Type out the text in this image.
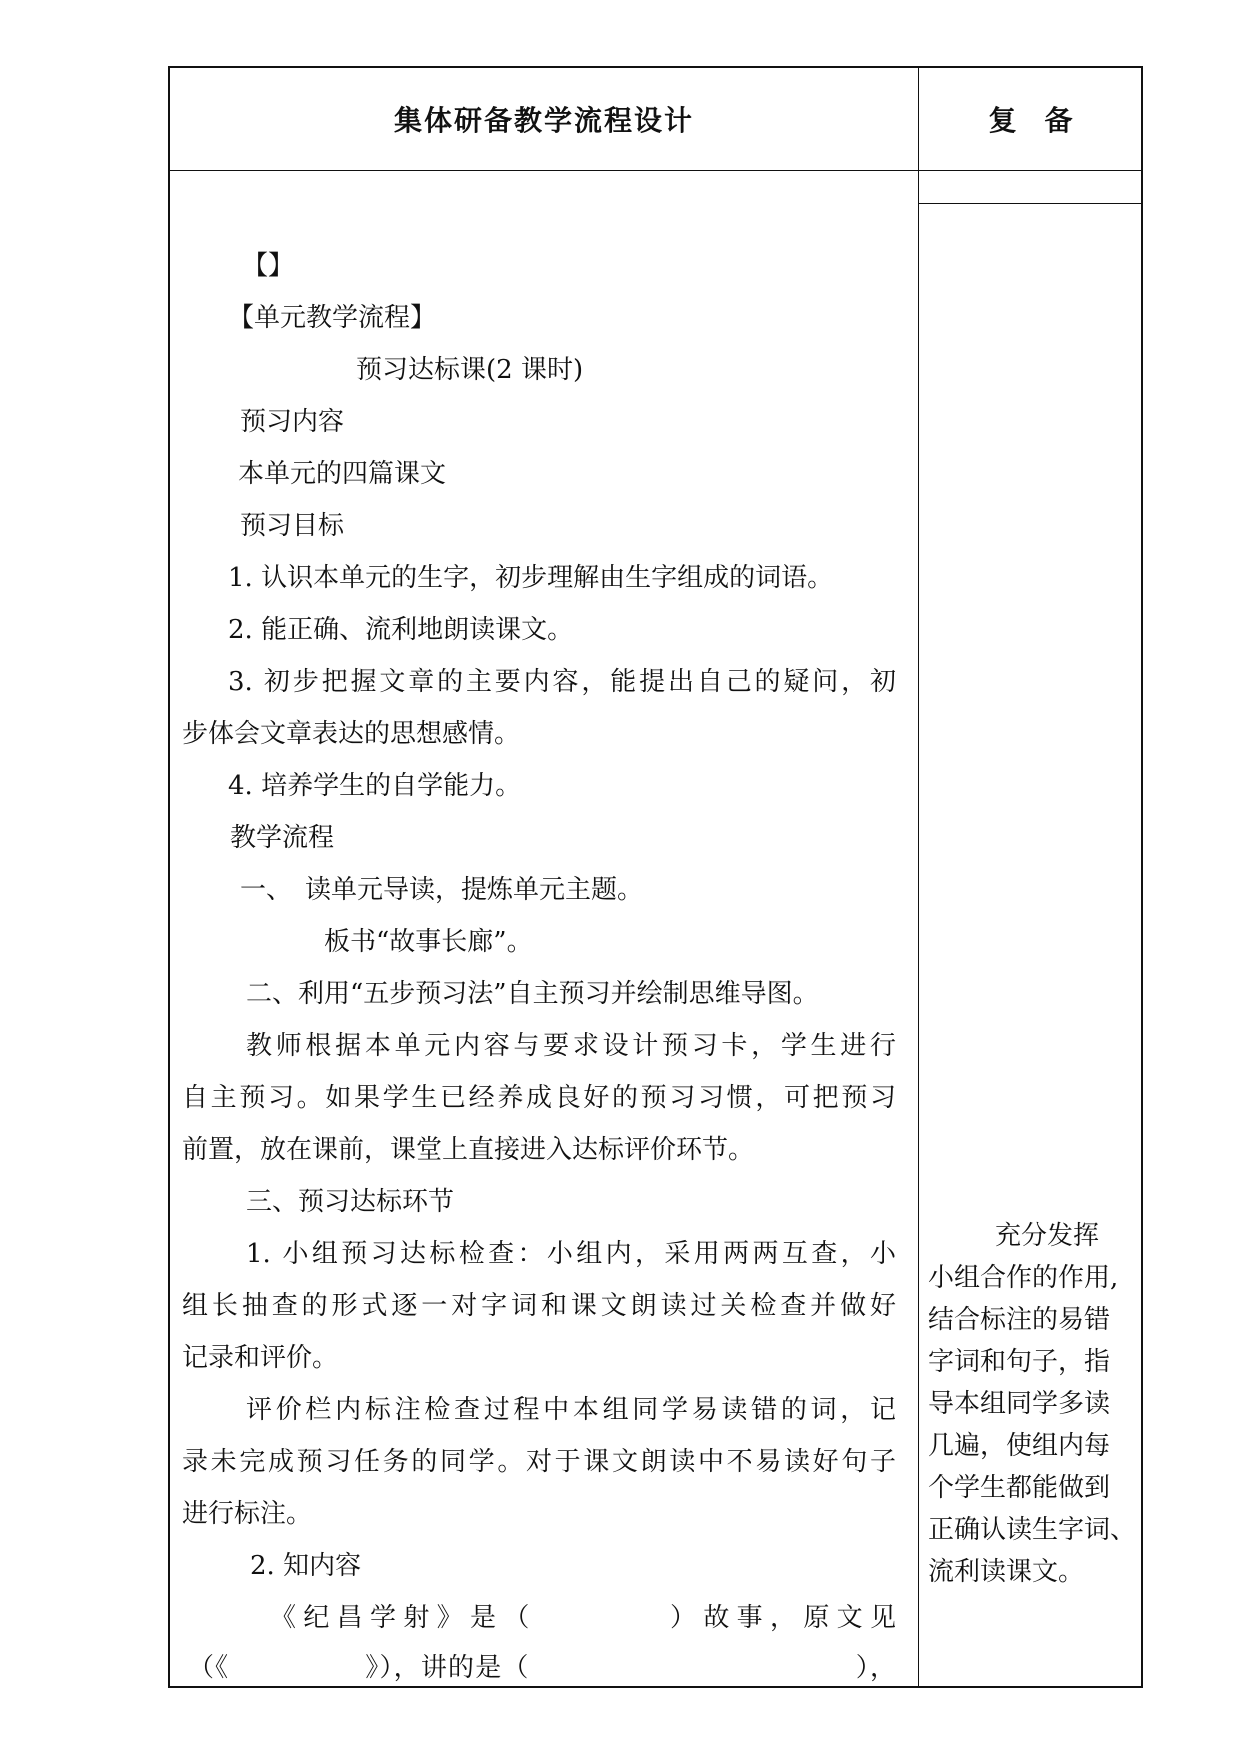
集体研备教学流程设计	复　备
【】
【单元教学流程】
预习达标课(2 课时)
预习内容
本单元的四篇课文
预习目标
1. 认识本单元的生字，初步理解由生字组成的词语。
2. 能正确、流利地朗读课文。
3. 初步把握文章的主要内容，能提出自己的疑问，初
步体会文章表达的思想感情。
4. 培养学生的自学能力。
教学流程
一、　读单元导读，提炼单元主题。
板书“故事长廊”。
二、利用“五步预习法”自主预习并绘制思维导图。
教师根据本单元内容与要求设计预习卡，学生进行
自主预习。如果学生已经养成良好的预习习惯，可把预习
前置，放在课前，课堂上直接进入达标评价环节。
三、预习达标环节
1. 小组预习达标检查：小组内，采用两两互查，小
组长抽查的形式逐一对字词和课文朗读过关检查并做好
记录和评价。
评价栏内标注检查过程中本组同学易读错的词，记
录未完成预习任务的同学。对于课文朗读中不易读好句子
进行标注。
2. 知内容
《纪昌学射》是（　　　　）故事，原文见
（《　　　　　》），讲的是（　　　　　　　　　　　　），
充分发挥
小组合作的作用,
结合标注的易错
字词和句子，指
导本组同学多读
几遍，使组内每
个学生都能做到
正确认读生字词、
流利读课文。
